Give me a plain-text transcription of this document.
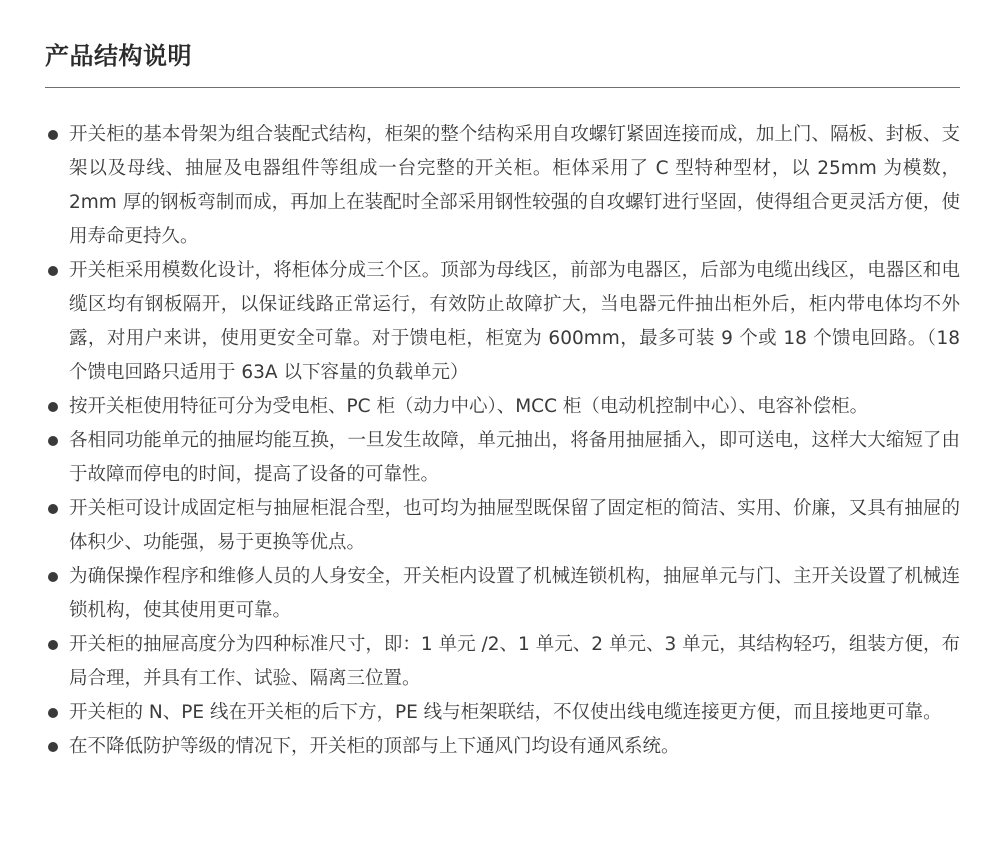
产品结构说明
开关柜的基本骨架为组合装配式结构，柜架的整个结构采用自攻螺钉紧固连接而成，加上门、隔板、封板、支架以及母线、抽屉及电器组件等组成一台完整的开关柜。柜体采用了 C 型特种型材，以 25mm 为模数，2mm 厚的钢板弯制而成，再加上在装配时全部采用钢性较强的自攻螺钉进行坚固，使得组合更灵活方便，使用寿命更持久。
开关柜采用模数化设计，将柜体分成三个区。顶部为母线区，前部为电器区，后部为电缆出线区，电器区和电缆区均有钢板隔开，以保证线路正常运行，有效防止故障扩大，当电器元件抽出柜外后，柜内带电体均不外露，对用户来讲，使用更安全可靠。对于馈电柜，柜宽为 600mm，最多可装 9 个或 18 个馈电回路。（18 个馈电回路只适用于 63A 以下容量的负载单元）
按开关柜使用特征可分为受电柜、PC 柜（动力中心）、MCC 柜（电动机控制中心）、电容补偿柜。
各相同功能单元的抽屉均能互换，一旦发生故障，单元抽出，将备用抽屉插入，即可送电，这样大大缩短了由于故障而停电的时间，提高了设备的可靠性。
开关柜可设计成固定柜与抽屉柜混合型，也可均为抽屉型既保留了固定柜的简洁、实用、价廉，又具有抽屉的体积少、功能强，易于更换等优点。
为确保操作程序和维修人员的人身安全，开关柜内设置了机械连锁机构，抽屉单元与门、主开关设置了机械连锁机构，使其使用更可靠。
开关柜的抽屉高度分为四种标准尺寸，即：1 单元 /2、1 单元、2 单元、3 单元，其结构轻巧，组装方便，布局合理，并具有工作、试验、隔离三位置。
开关柜的 N、PE 线在开关柜的后下方，PE 线与柜架联结，不仅使出线电缆连接更方便，而且接地更可靠。
在不降低防护等级的情况下，开关柜的顶部与上下通风门均设有通风系统。
